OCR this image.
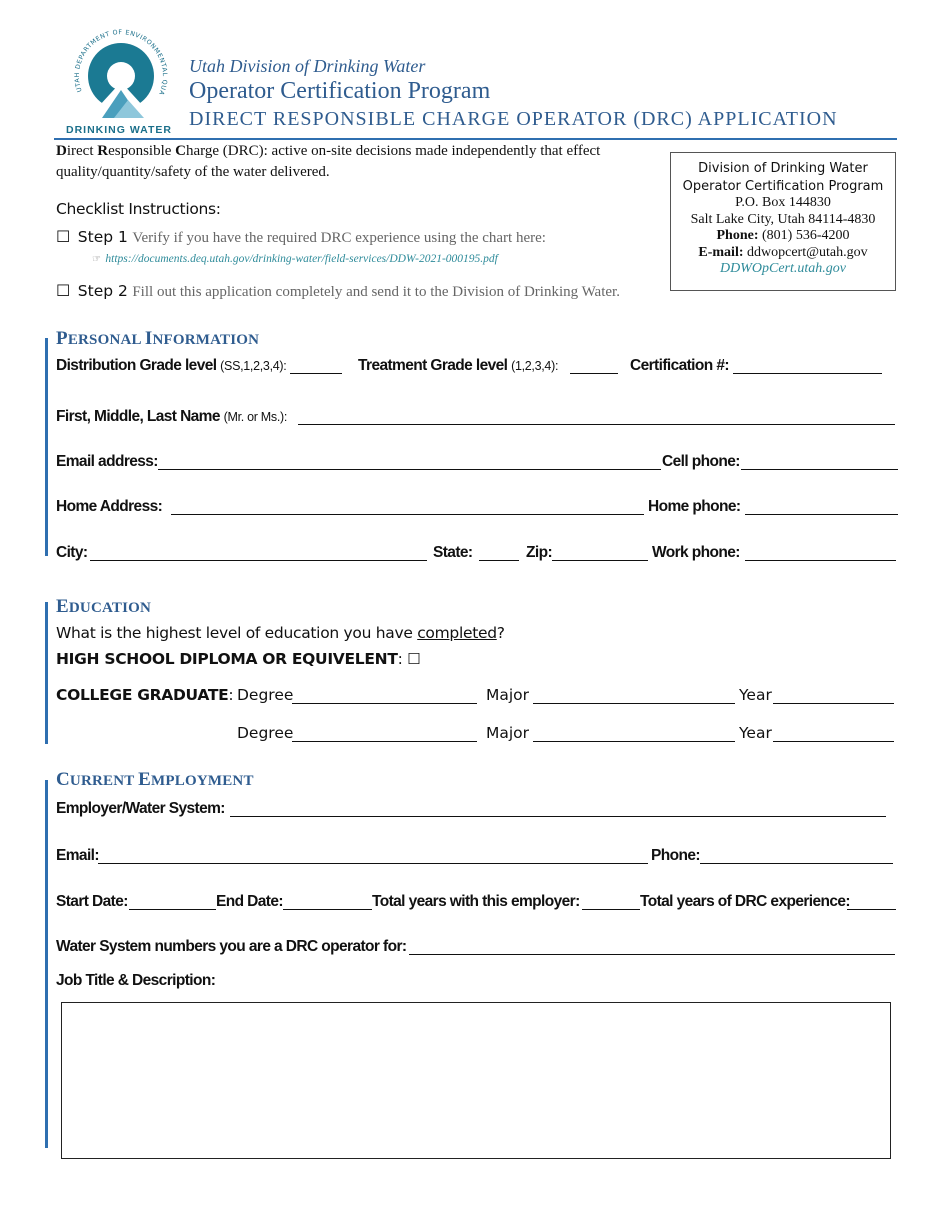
UTAH DEPARTMENT OF ENVIRONMENTAL QUA
DRINKING WATER
Utah Division of Drinking Water
Operator Certification Program
DIRECT RESPONSIBLE CHARGE OPERATOR (DRC) APPLICATION
Direct Responsible Charge (DRC): active on-site decisions made independently that effect
quality/quantity/safety of the water delivered.	Division of Drinking Water
Operator Certification Program
P.O. Box 144830
Salt Lake City, Utah 84114-4830
Phone: (801) 536-4200
E-mail: ddwopcert@utah.gov
DDWOpCert.utah.gov
Checklist Instructions:
☐ Step 1 Verify if you have the required DRC experience using the chart here:
☞ https://documents.deq.utah.gov/drinking-water/field-services/DDW-2021-000195.pdf
☐ Step 2 Fill out this application completely and send it to the Division of Drinking Water.
PERSONAL INFORMATION
Distribution Grade level (SS,1,2,3,4):	Treatment Grade level (1,2,3,4):	Certification #:
First, Middle, Last Name (Mr. or Ms.):
Email address:	Cell phone:
Home Address:	Home phone:
City:	State:	Zip:	Work phone:
EDUCATION
What is the highest level of education you have completed?
HIGH SCHOOL DIPLOMA OR EQUIVELENT: ☐
COLLEGE GRADUATE: Degree	Major	Year
Degree	Major	Year
CURRENT EMPLOYMENT
Employer/Water System:
Email:	Phone:
Start Date:	End Date:	Total years with this employer:	Total years of DRC experience:
Water System numbers you are a DRC operator for:
Job Title & Description:
